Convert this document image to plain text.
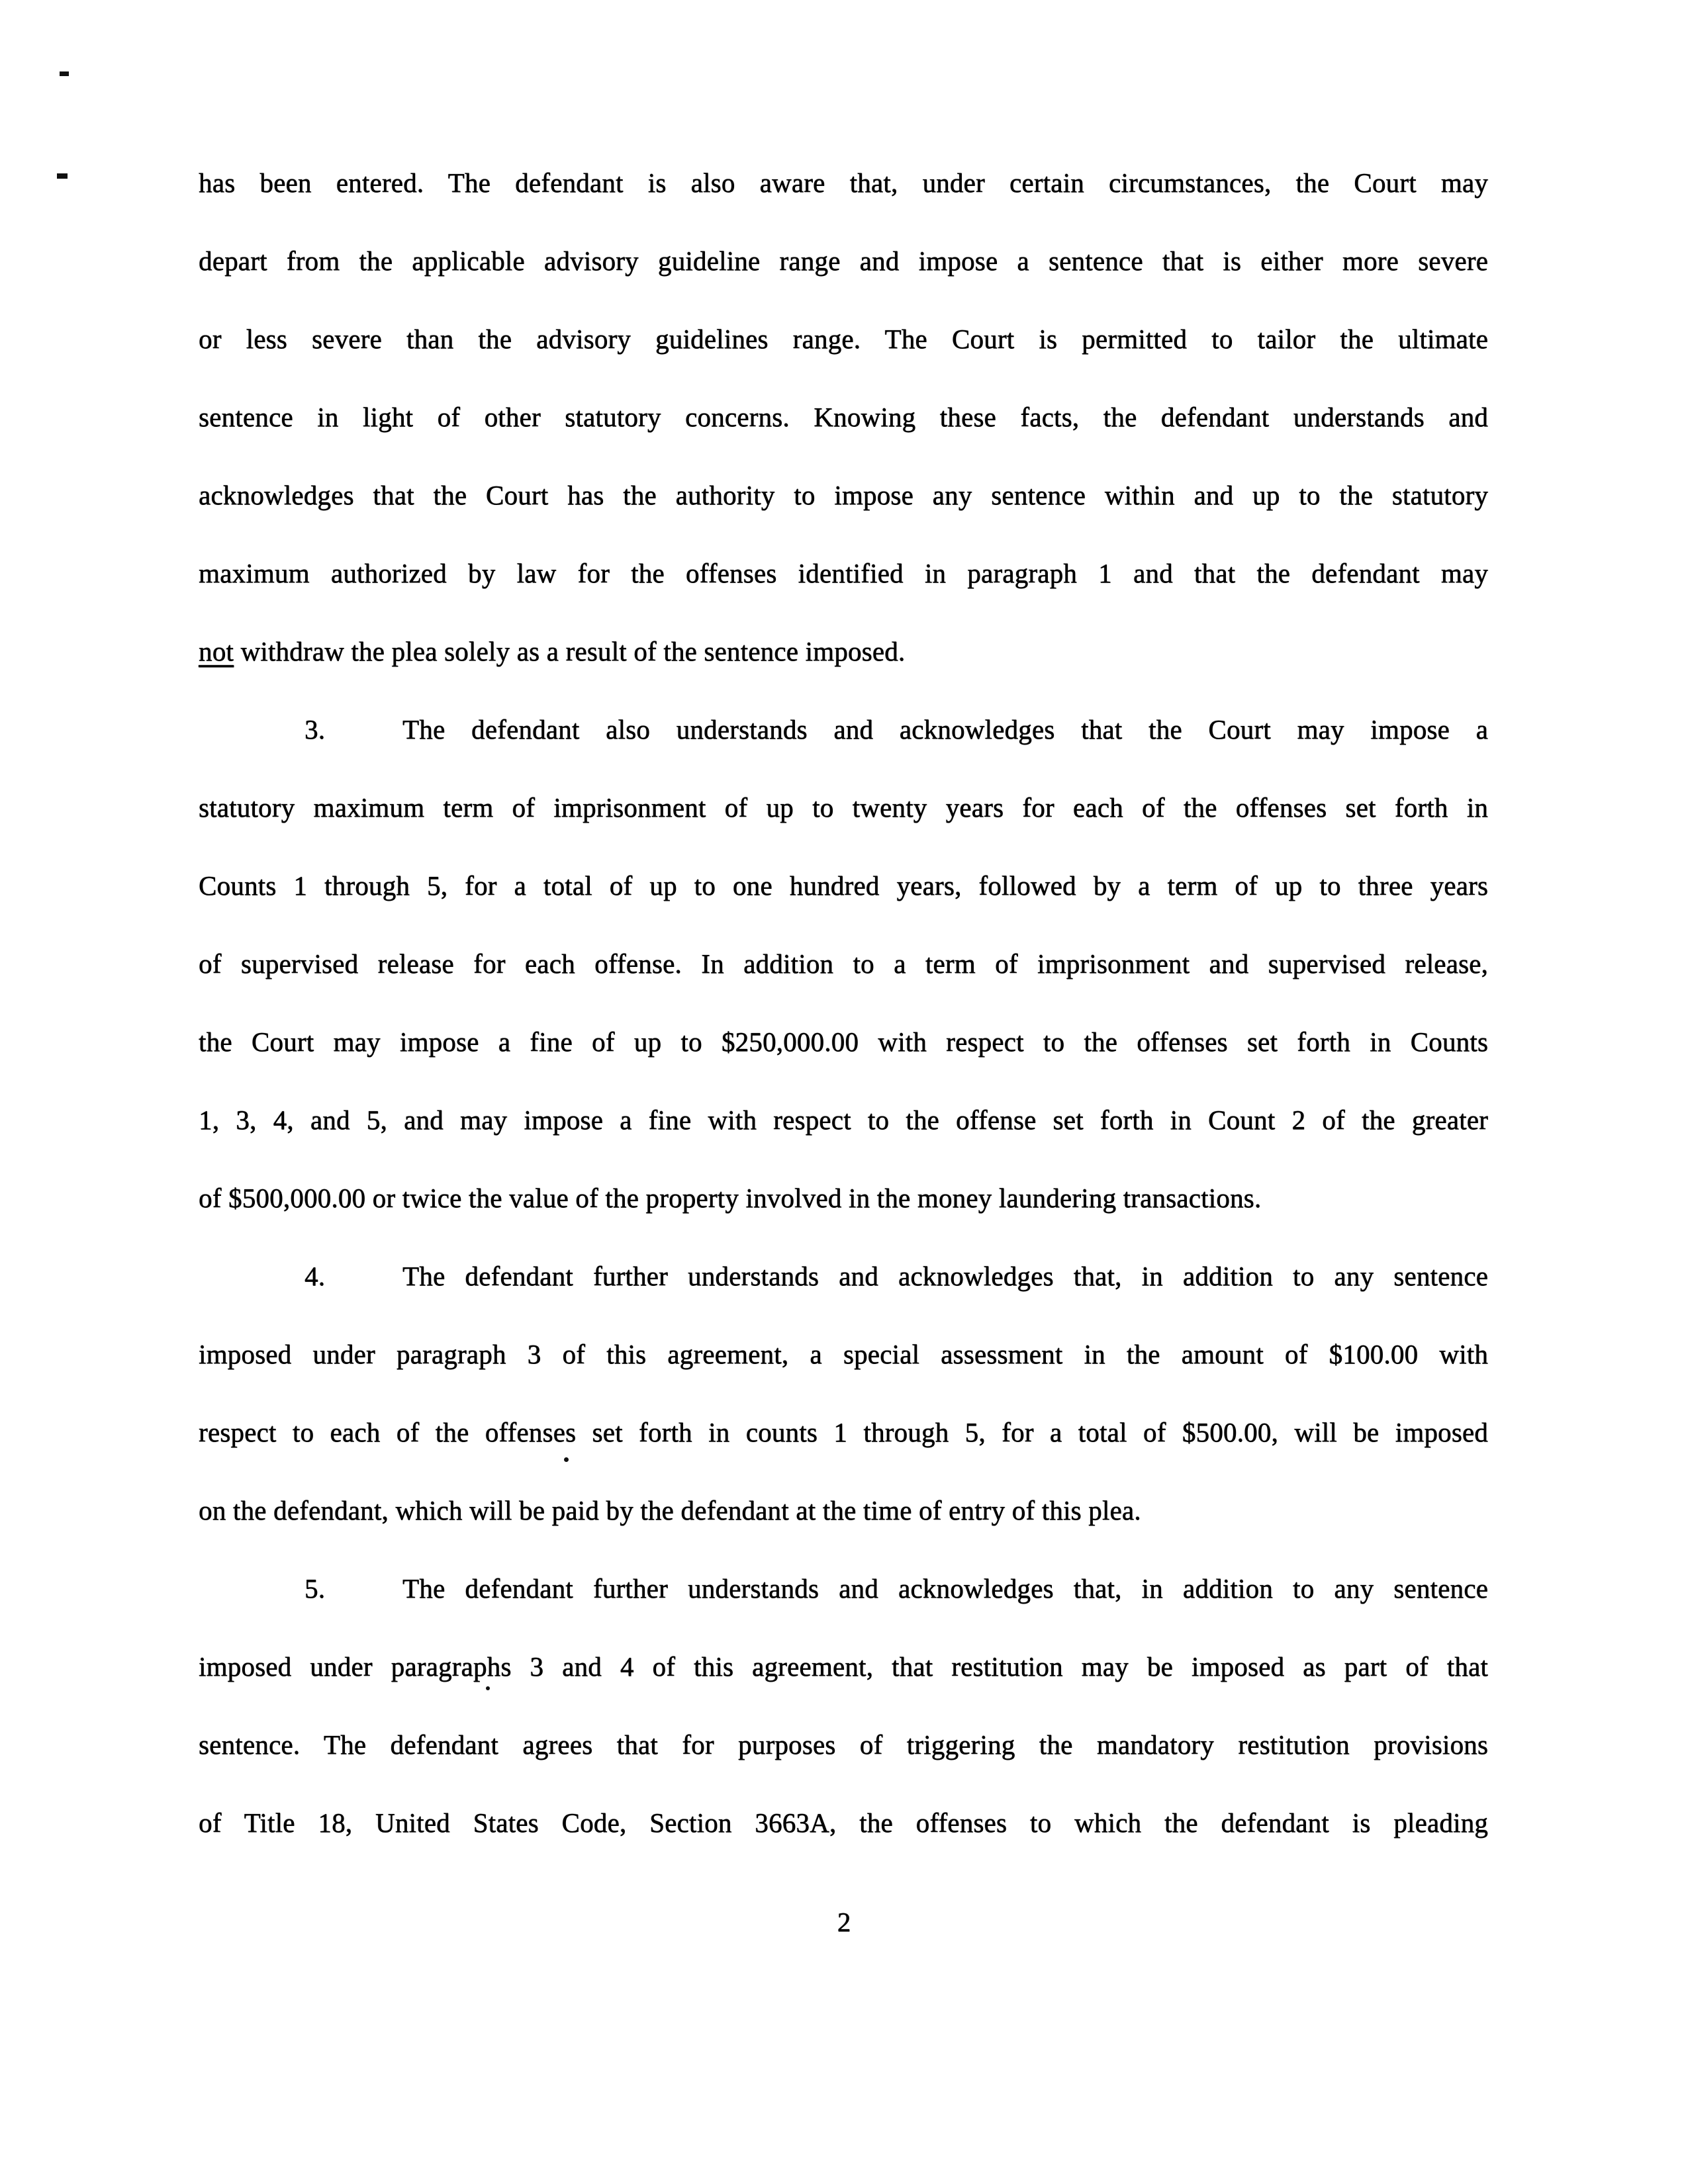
has been entered. The defendant is also aware that, under certain circumstances, the Court may
depart from the applicable advisory guideline range and impose a sentence that is either more severe
or less severe than the advisory guidelines range. The Court is permitted to tailor the ultimate
sentence in light of other statutory concerns. Knowing these facts, the defendant understands and
acknowledges that the Court has the authority to impose any sentence within and up to the statutory
maximum authorized by law for the offenses identified in paragraph 1 and that the defendant may
not withdraw the plea solely as a result of the sentence imposed.
3.	The defendant also understands and acknowledges that the Court may impose a
statutory maximum term of imprisonment of up to twenty years for each of the offenses set forth in
Counts 1 through 5, for a total of up to one hundred years, followed by a term of up to three years
of supervised release for each offense. In addition to a term of imprisonment and supervised release,
the Court may impose a fine of up to $250,000.00 with respect to the offenses set forth in Counts
1, 3, 4, and 5, and may impose a fine with respect to the offense set forth in Count 2 of the greater
of $500,000.00 or twice the value of the property involved in the money laundering transactions.
4.	The defendant further understands and acknowledges that, in addition to any sentence
imposed under paragraph 3 of this agreement, a special assessment in the amount of $100.00 with
respect to each of the offenses set forth in counts 1 through 5, for a total of $500.00, will be imposed
on the defendant, which will be paid by the defendant at the time of entry of this plea.
5.	The defendant further understands and acknowledges that, in addition to any sentence
imposed under paragraphs 3 and 4 of this agreement, that restitution may be imposed as part of that
sentence. The defendant agrees that for purposes of triggering the mandatory restitution provisions
of Title 18, United States Code, Section 3663A, the offenses to which the defendant is pleading
2
